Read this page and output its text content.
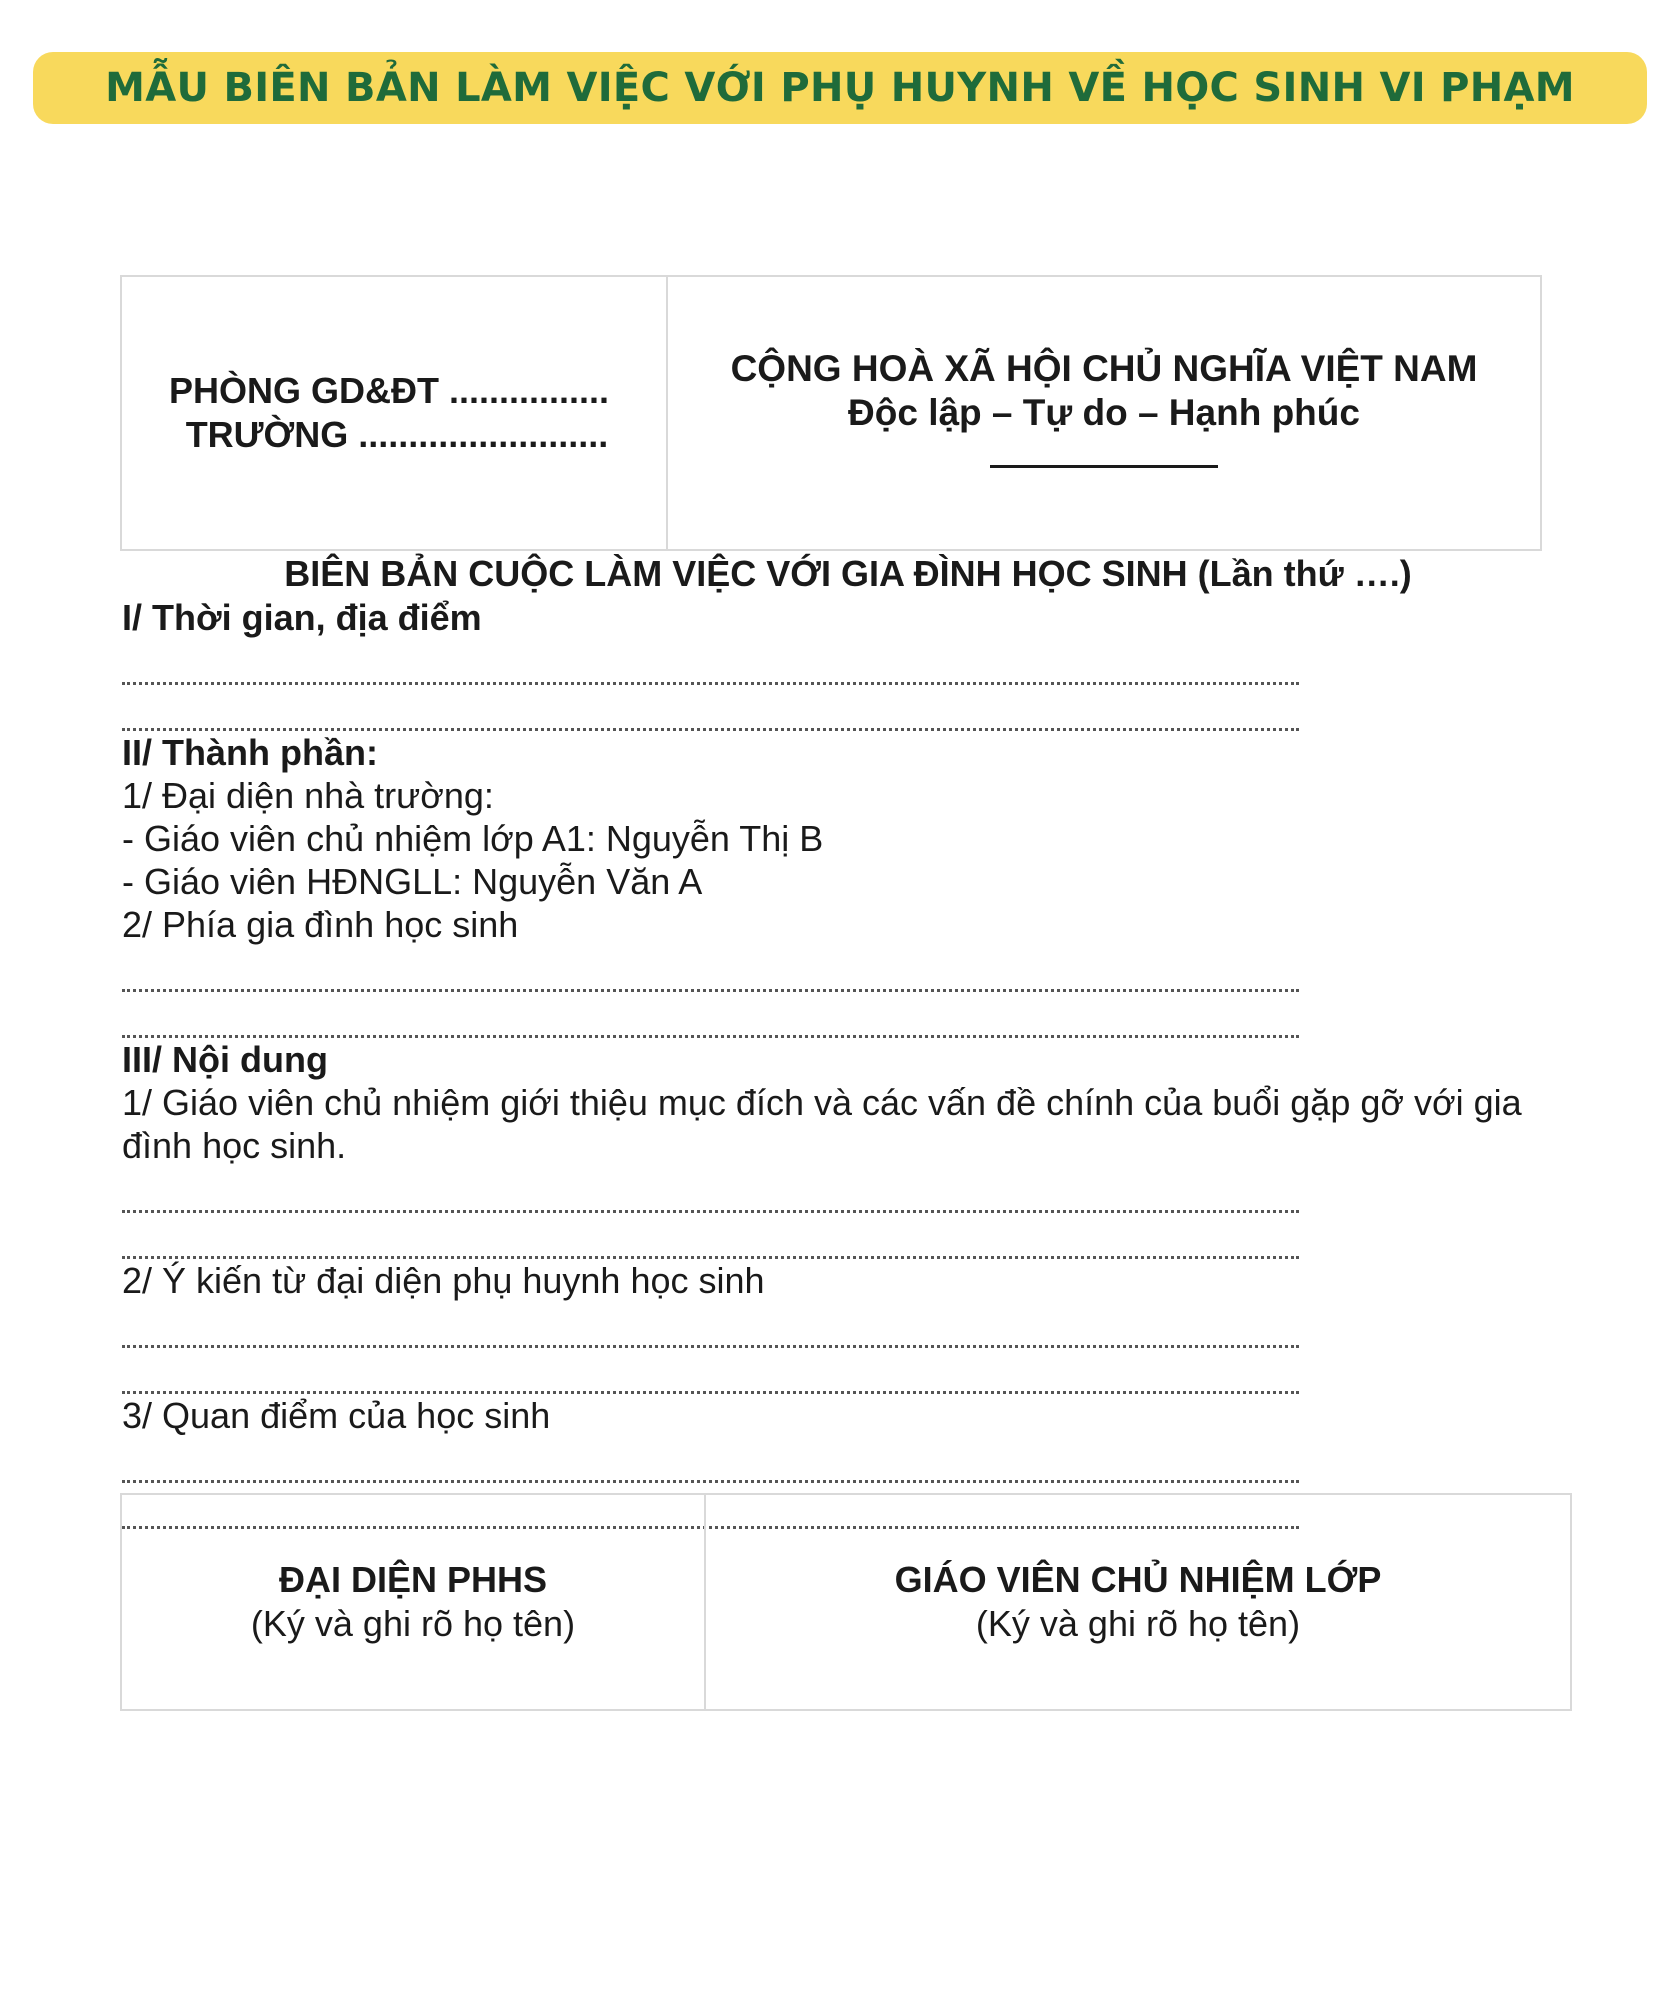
MẪU BIÊN BẢN LÀM VIỆC VỚI PHỤ HUYNH VỀ HỌC SINH VI PHẠM
PHÒNG GD&ĐT ................
TRƯỜNG .........................
CỘNG HOÀ XÃ HỘI CHỦ NGHĨA VIỆT NAM
Độc lập – Tự do – Hạnh phúc
BIÊN BẢN CUỘC LÀM VIỆC VỚI GIA ĐÌNH HỌC SINH (Lần thứ ….)
I/ Thời gian, địa điểm
II/ Thành phần:
1/ Đại diện nhà trường:
- Giáo viên chủ nhiệm lớp A1: Nguyễn Thị B
- Giáo viên HĐNGLL: Nguyễn Văn A
2/ Phía gia đình học sinh
III/ Nội dung
1/ Giáo viên chủ nhiệm giới thiệu mục đích và các vấn đề chính của buổi gặp gỡ với gia đình học sinh.
2/ Ý kiến từ đại diện phụ huynh học sinh
3/ Quan điểm của học sinh
ĐẠI DIỆN PHHS
(Ký và ghi rõ họ tên)
GIÁO VIÊN CHỦ NHIỆM LỚP
(Ký và ghi rõ họ tên)
